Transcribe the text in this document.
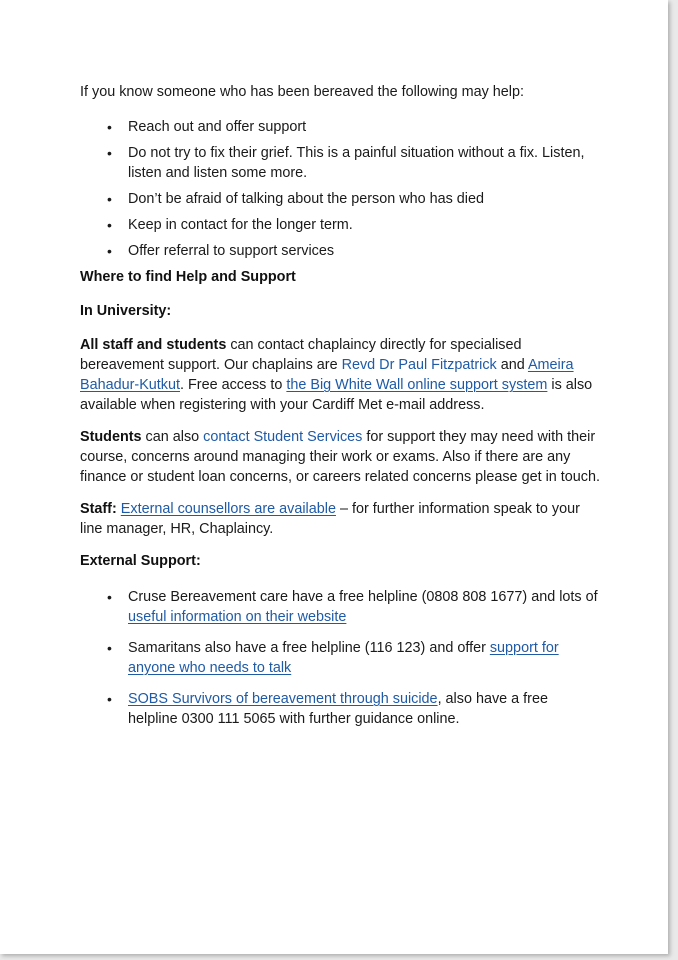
If you know someone who has been bereaved the following may help:

• Reach out and offer support
• Do not try to fix their grief. This is a painful situation without a fix. Listen, listen and listen some more.
• Don’t be afraid of talking about the person who has died
• Keep in contact for the longer term.
• Offer referral to support services

Where to find Help and Support

In University:

All staff and students can contact chaplaincy directly for specialised bereavement support. Our chaplains are Revd Dr Paul Fitzpatrick and Ameira Bahadur-Kutkut. Free access to the Big White Wall online support system is also available when registering with your Cardiff Met e-mail address.

Students can also contact Student Services for support they may need with their course, concerns around managing their work or exams. Also if there are any finance or student loan concerns, or careers related concerns please get in touch.

Staff: External counsellors are available – for further information speak to your line manager, HR, Chaplaincy.

External Support:

• Cruse Bereavement care have a free helpline (0808 808 1677) and lots of useful information on their website
• Samaritans also have a free helpline (116 123) and offer support for anyone who needs to talk
• SOBS Survivors of bereavement through suicide, also have a free helpline 0300 111 5065 with further guidance online.
